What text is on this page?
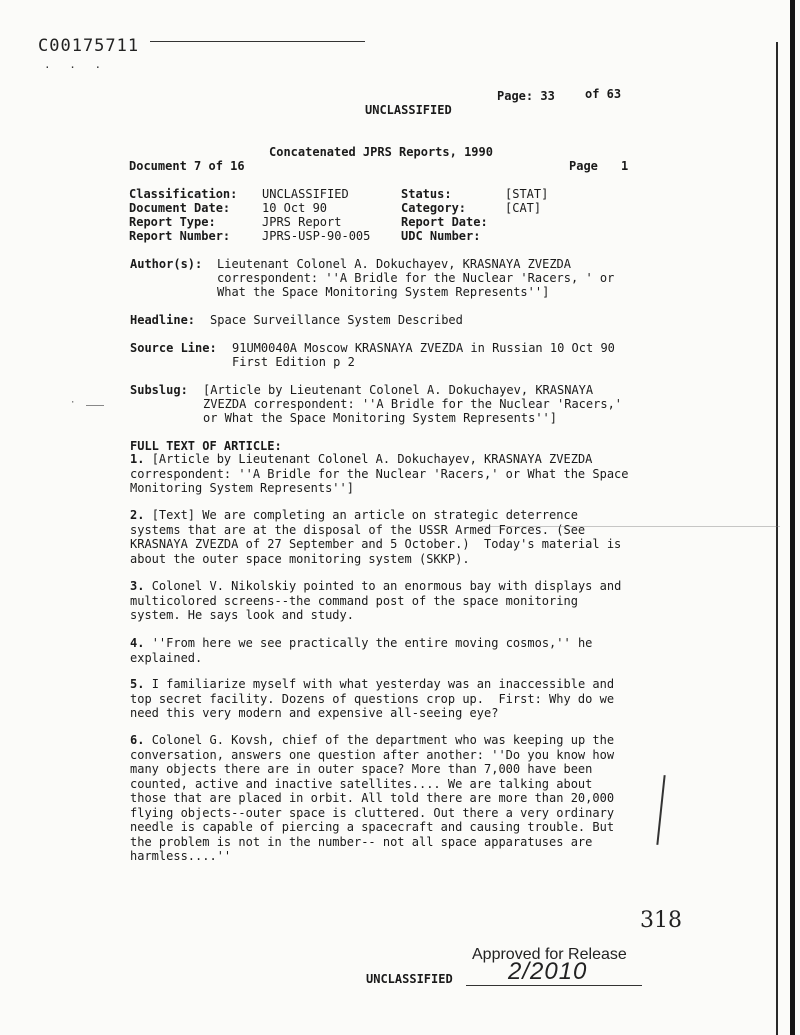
C00175711
. . .
Page: 33	of 63
UNCLASSIFIED
Concatenated JPRS Reports, 1990
Document 7 of 16	Page 1
Classification: UNCLASSIFIED	Status:	[STAT]
Document Date:	10 Oct 90	Category:	[CAT]
Report Type:	JPRS Report	Report Date:
Report Number:	JPRS-USP-90-005	UDC Number:
Author(s): Lieutenant Colonel A. Dokuchayev, KRASNAYA ZVEZDA
correspondent: ''A Bridle for the Nuclear 'Racers, ' or
What the Space Monitoring System Represents'']
Headline: Space Surveillance System Described
Source Line: 91UM0040A Moscow KRASNAYA ZVEZDA in Russian 10 Oct 90
First Edition p 2
Subslug: [Article by Lieutenant Colonel A. Dokuchayev, KRASNAYA
ZVEZDA correspondent: ''A Bridle for the Nuclear 'Racers,'
or What the Space Monitoring System Represents'']
·
FULL TEXT OF ARTICLE:
1. [Article by Lieutenant Colonel A. Dokuchayev, KRASNAYA ZVEZDA
correspondent: ''A Bridle for the Nuclear 'Racers,' or What the Space
Monitoring System Represents'']
2. [Text] We are completing an article on strategic deterrence
systems that are at the disposal of the USSR Armed Forces. (See
KRASNAYA ZVEZDA of 27 September and 5 October.)  Today's material is
about the outer space monitoring system (SKKP).
3. Colonel V. Nikolskiy pointed to an enormous bay with displays and
multicolored screens--the command post of the space monitoring
system. He says look and study.
4. ''From here we see practically the entire moving cosmos,'' he
explained.
5. I familiarize myself with what yesterday was an inaccessible and
top secret facility. Dozens of questions crop up.  First: Why do we
need this very modern and expensive all-seeing eye?
6. Colonel G. Kovsh, chief of the department who was keeping up the
conversation, answers one question after another: ''Do you know how
many objects there are in outer space? More than 7,000 have been
counted, active and inactive satellites.... We are talking about
those that are placed in orbit. All told there are more than 20,000
flying objects--outer space is cluttered. Out there a very ordinary
needle is capable of piercing a spacecraft and causing trouble. But
the problem is not in the number-- not all space apparatuses are
harmless....''
318
Approved for Release
2/2010
UNCLASSIFIED
